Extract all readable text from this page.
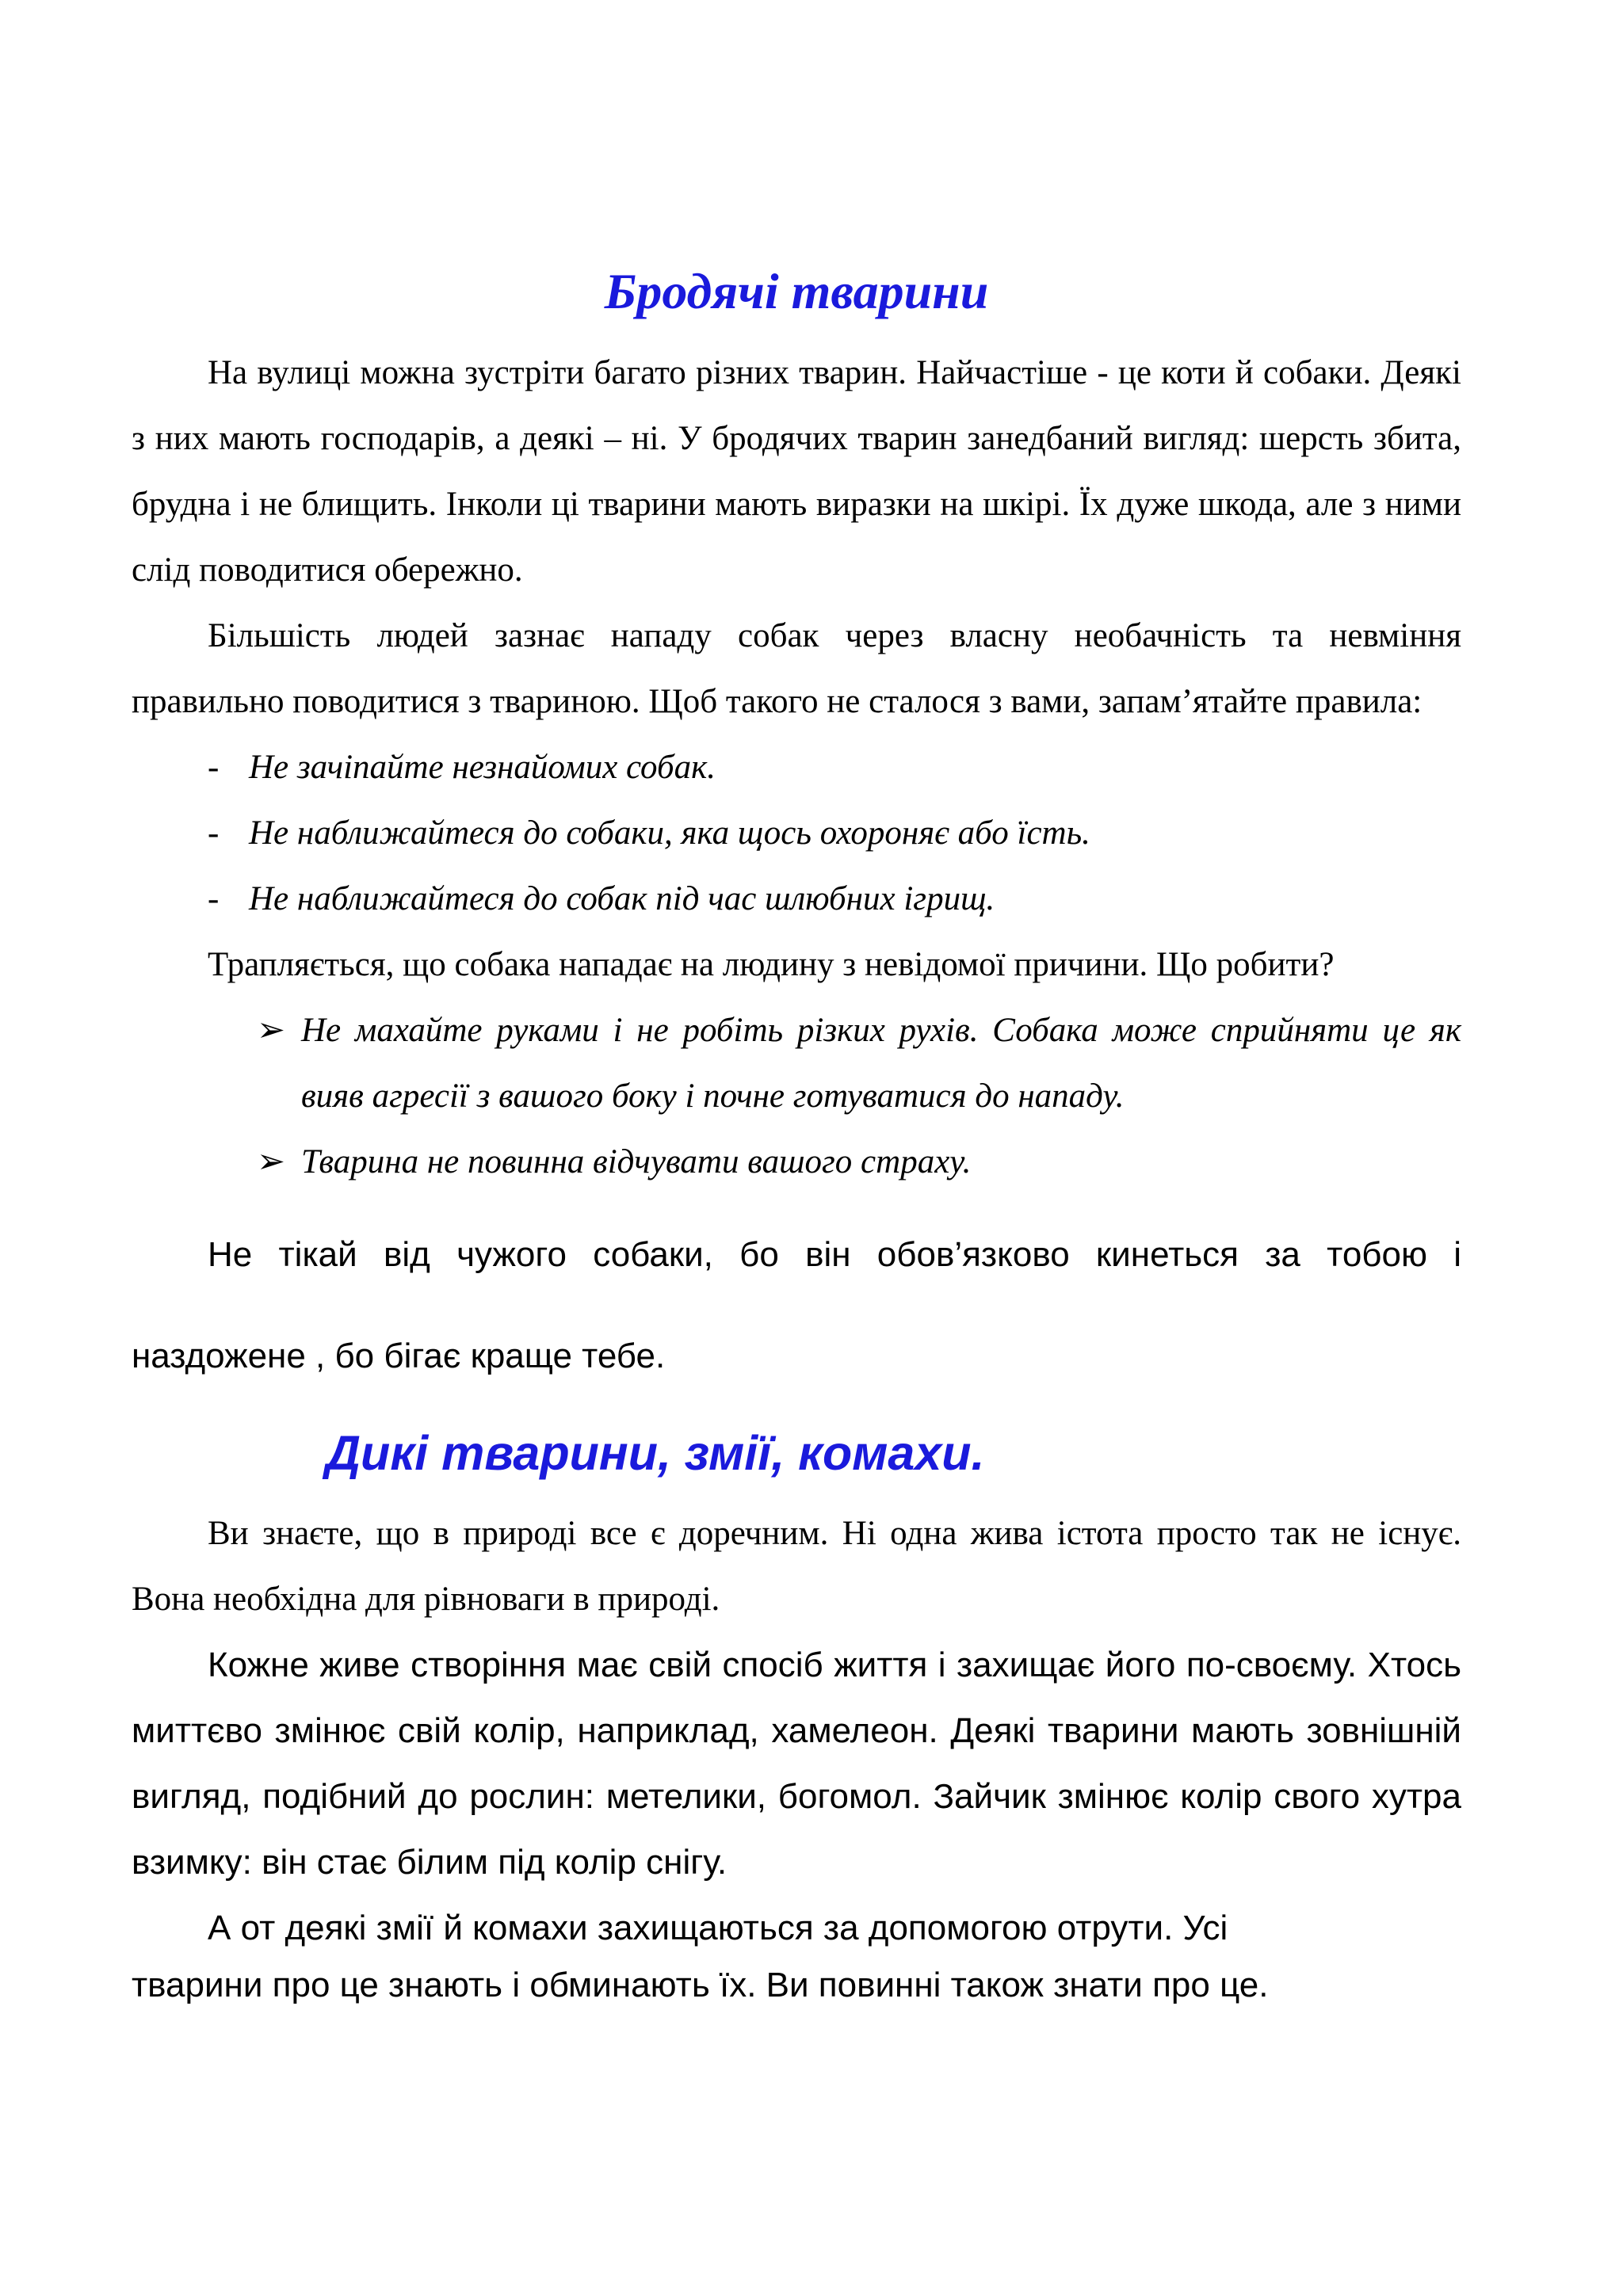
Бродячі тварини

На вулиці можна зустріти багато різних тварин. Найчастіше - це коти й собаки. Деякі з них мають господарів, а деякі – ні. У бродячих тварин занедбаний вигляд: шерсть збита, брудна і не блищить. Інколи ці тварини мають виразки на шкірі. Їх дуже шкода, але з ними слід поводитися обережно.

Більшість людей зазнає нападу собак через власну необачність та невміння правильно поводитися з твариною. Щоб такого не сталося з вами, запам’ятайте правила:

- Не зачіпайте незнайомих собак.
- Не наближайтеся до собаки, яка щось охороняє або їсть.
- Не наближайтеся до собак під час шлюбних ігрищ.

Трапляється, що собака нападає на людину з невідомої причини. Що робити?

➢ Не махайте руками і не робіть різких рухів. Собака може сприйняти це як вияв агресії з вашого боку і почне готуватися до нападу.
➢ Тварина не повинна відчувати вашого страху.

Не тікай від чужого собаки, бо він обов’язково кинеться за тобою і наздожене , бо бігає краще тебе.

Дикі тварини, змії, комахи.

Ви знаєте, що в природі все є доречним. Ні одна жива істота просто так не існує. Вона необхідна для рівноваги в природі.

Кожне живе створіння має свій спосіб життя і захищає його по-своєму. Хтось миттєво змінює свій колір, наприклад, хамелеон. Деякі тварини мають зовнішній вигляд, подібний до рослин: метелики, богомол. Зайчик змінює колір свого хутра взимку: він стає білим під колір снігу.

А от деякі змії й комахи захищаються за допомогою отрути. Усі
тварини про це знають і обминають їх. Ви повинні також знати про це.
